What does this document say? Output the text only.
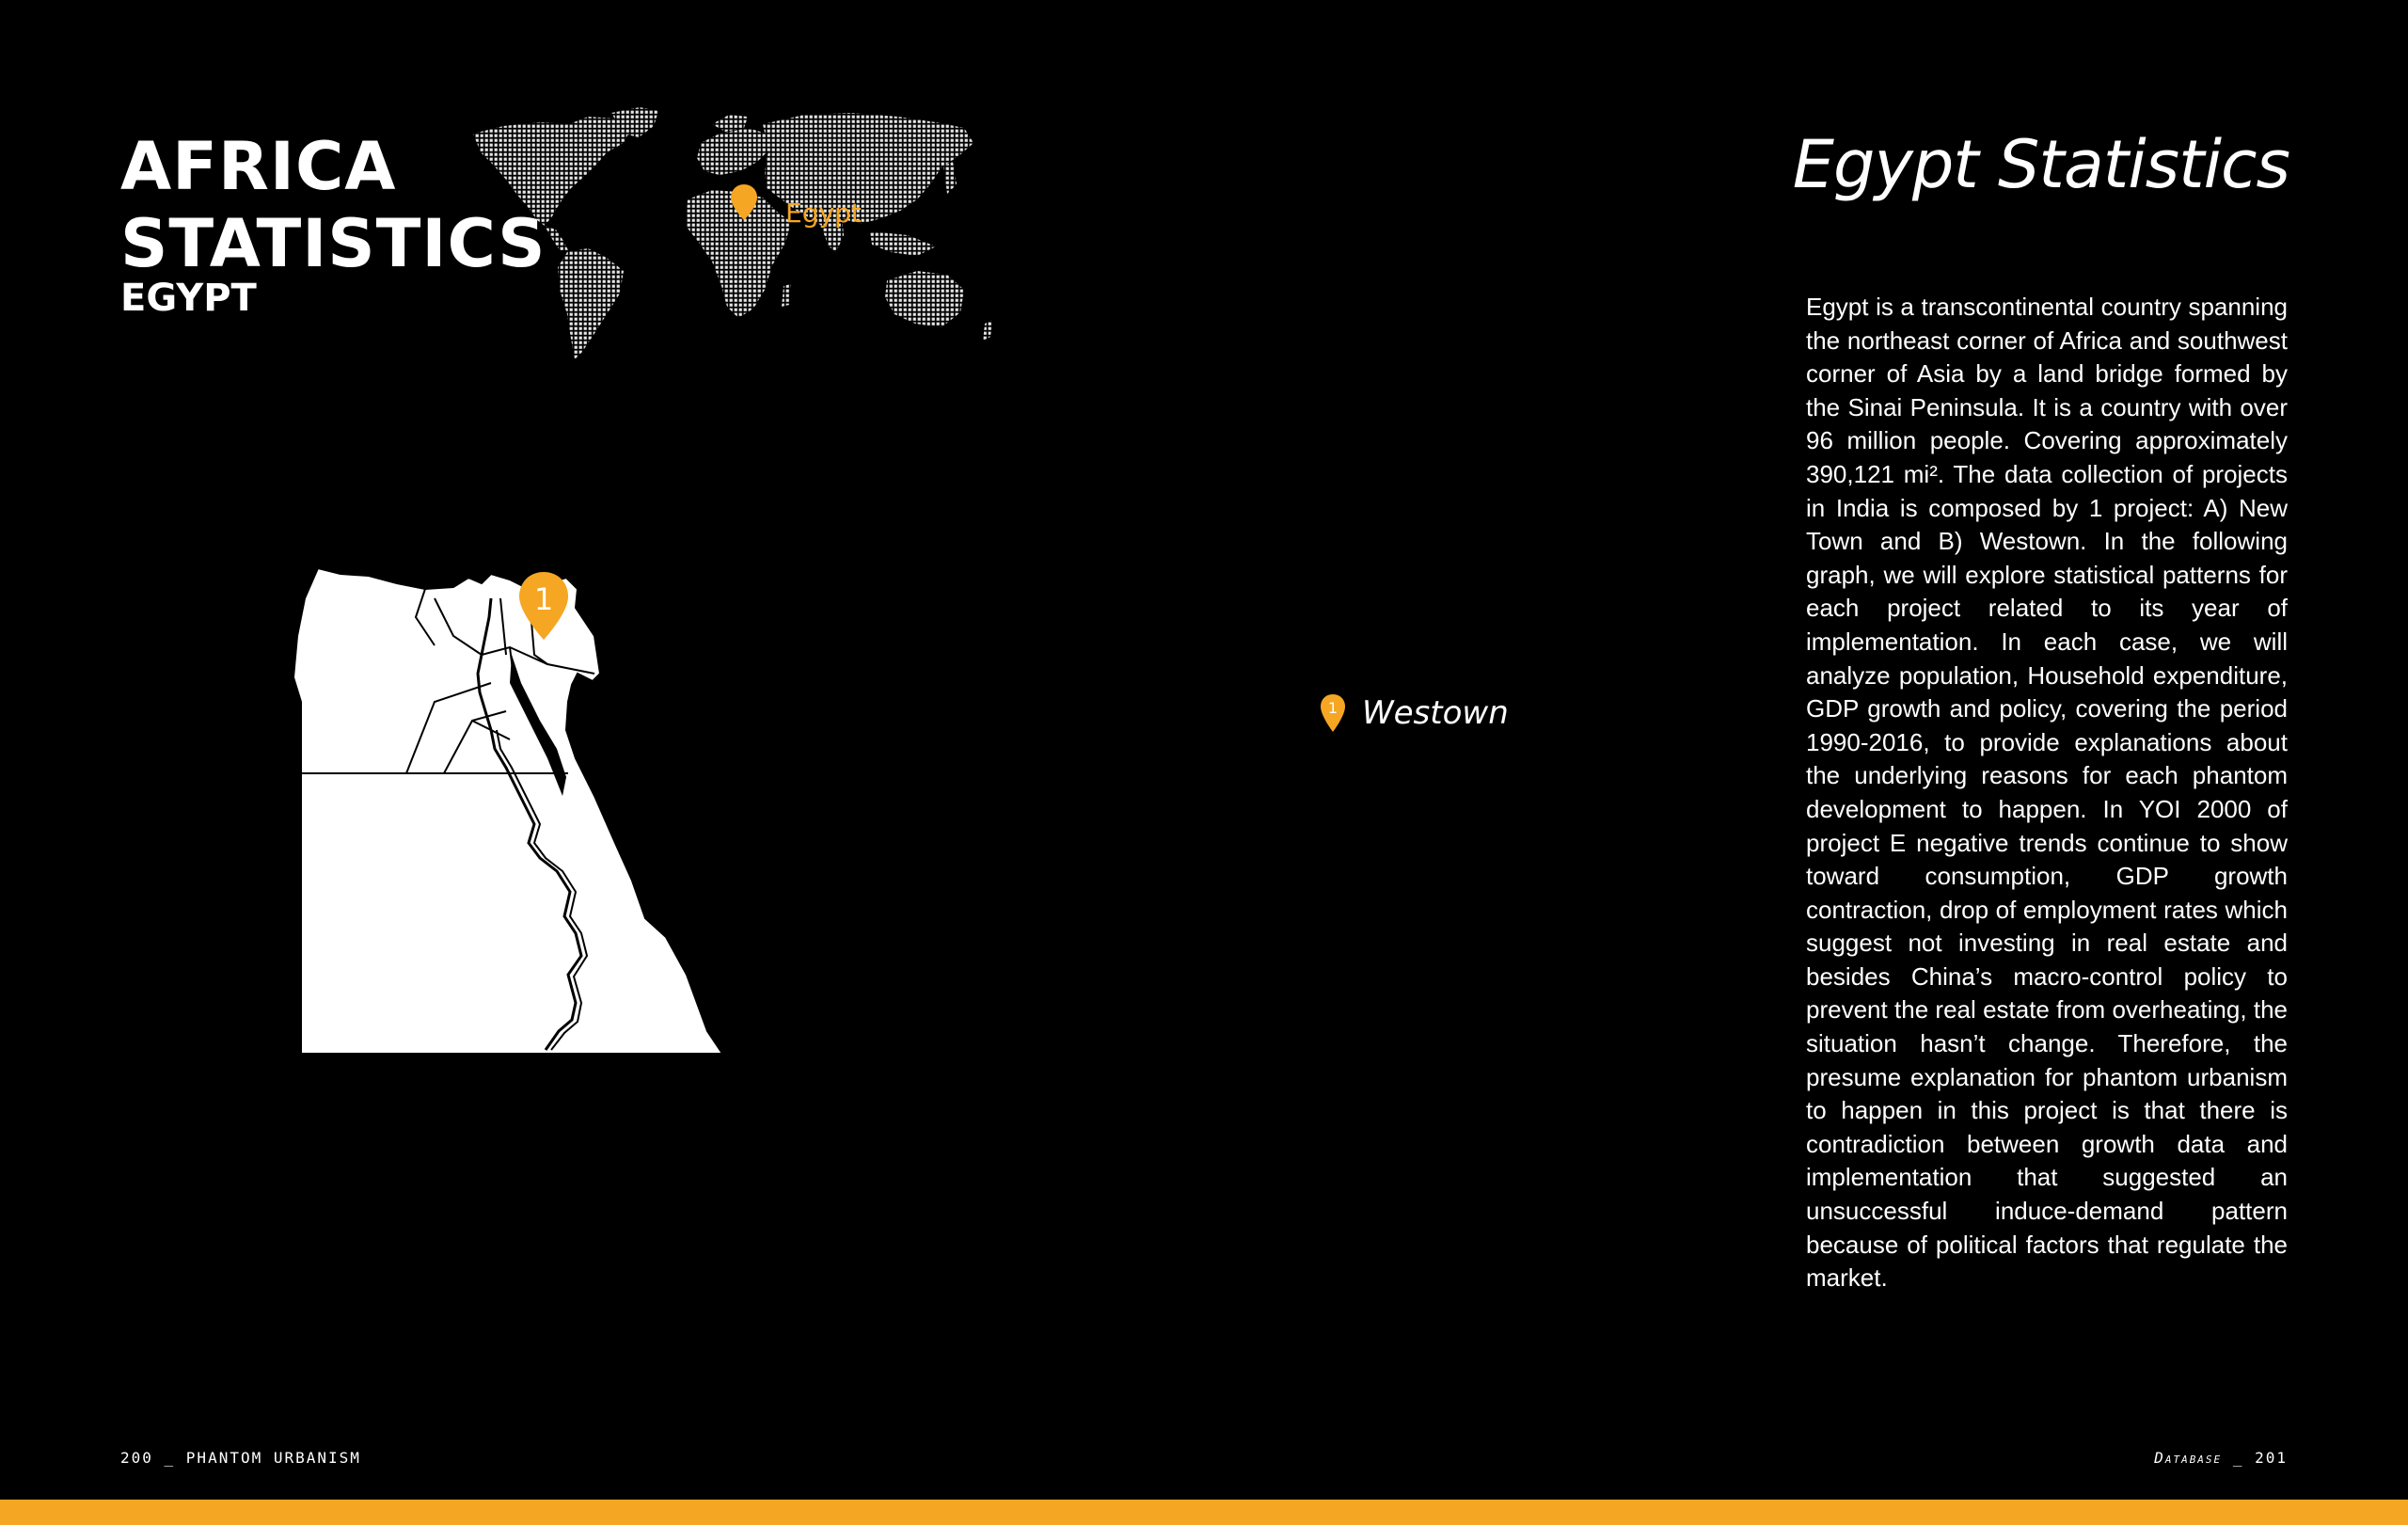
AFRICA
STATISTICS
EGYPT
Egypt
1
1 Westown
Egypt Statistics
Egypt is a transcontinental country spanning the northeast corner of Africa and southwest corner of Asia by a land bridge formed by the Sinai Peninsula. It is a country with over 96 million people. Covering approximately 390,121 mi². The data collection of projects in India is composed by 1 project: A) New Town and B) Westown. In the following graph, we will explore statistical patterns for each project related to its year of implementation. In each case, we will analyze population, Household expenditure, GDP growth and policy, covering the period 1990-2016, to provide explanations about the underlying reasons for each phantom development to happen. In YOI 2000 of project E negative trends continue to show toward consumption, GDP growth contraction, drop of employment rates which suggest not investing in real estate and besides China’s macro-control policy to prevent the real estate from overheating, the situation hasn’t change. Therefore, the presume explanation for phantom urbanism to happen in this project is that there is contradiction between growth data and implementation that suggested an unsuccessful induce-demand pattern because of political factors that regulate the market.
200 _ PHANTOM URBANISM	Database _ 201
